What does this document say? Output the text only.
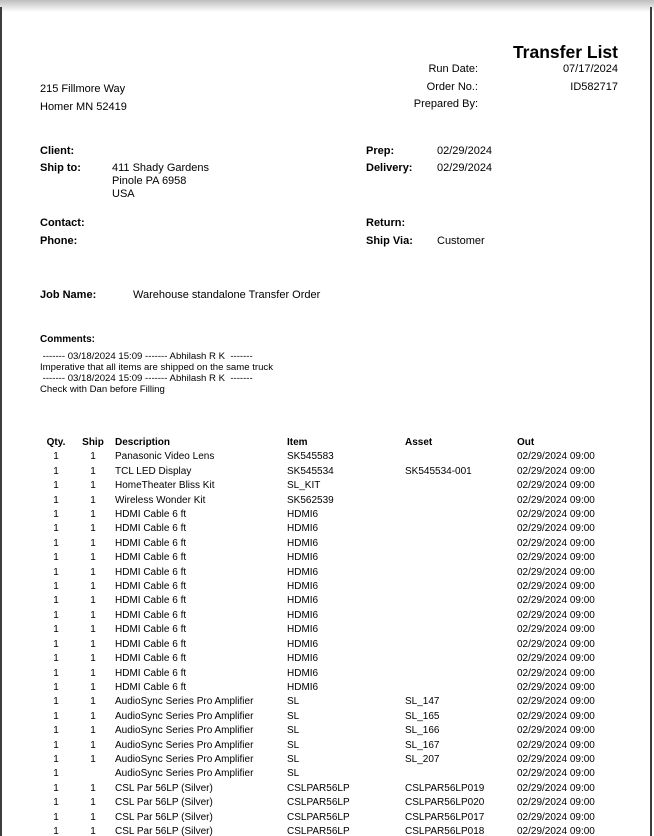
Transfer List
Run Date:	07/17/2024
Order No.:	ID582717
Prepared By:
215 Fillmore Way
Homer MN 52419
Client:	Prep:	02/29/2024
Ship to:	411 Shady Gardens
Pinole PA 6958
USA
Delivery: 02/29/2024
Contact:	Return:
Phone:	Ship Via: Customer
Job Name:	Warehouse standalone Transfer Order
Comments:
------- 03/18/2024 15:09 ------- Abhilash R K  -------
Imperative that all items are shipped on the same truck
------- 03/18/2024 15:09 ------- Abhilash R K  -------
Check with Dan before Filling
Qty.	Ship	Description	Item	Asset	Out
1	1	Panasonic Video Lens	SK545583		02/29/2024 09:00
1	1	TCL LED Display	SK545534	SK545534-001	02/29/2024 09:00
1	1	HomeTheater Bliss Kit	SL_KIT		02/29/2024 09:00
1	1	Wireless Wonder Kit	SK562539		02/29/2024 09:00
1	1	HDMI Cable 6 ft	HDMI6		02/29/2024 09:00
1	1	HDMI Cable 6 ft	HDMI6		02/29/2024 09:00
1	1	HDMI Cable 6 ft	HDMI6		02/29/2024 09:00
1	1	HDMI Cable 6 ft	HDMI6		02/29/2024 09:00
1	1	HDMI Cable 6 ft	HDMI6		02/29/2024 09:00
1	1	HDMI Cable 6 ft	HDMI6		02/29/2024 09:00
1	1	HDMI Cable 6 ft	HDMI6		02/29/2024 09:00
1	1	HDMI Cable 6 ft	HDMI6		02/29/2024 09:00
1	1	HDMI Cable 6 ft	HDMI6		02/29/2024 09:00
1	1	HDMI Cable 6 ft	HDMI6		02/29/2024 09:00
1	1	HDMI Cable 6 ft	HDMI6		02/29/2024 09:00
1	1	HDMI Cable 6 ft	HDMI6		02/29/2024 09:00
1	1	HDMI Cable 6 ft	HDMI6		02/29/2024 09:00
1	1	AudioSync Series Pro Amplifier	SL	SL_147	02/29/2024 09:00
1	1	AudioSync Series Pro Amplifier	SL	SL_165	02/29/2024 09:00
1	1	AudioSync Series Pro Amplifier	SL	SL_166	02/29/2024 09:00
1	1	AudioSync Series Pro Amplifier	SL	SL_167	02/29/2024 09:00
1	1	AudioSync Series Pro Amplifier	SL	SL_207	02/29/2024 09:00
1		AudioSync Series Pro Amplifier	SL		02/29/2024 09:00
1	1	CSL Par 56LP (Silver)	CSLPAR56LP	CSLPAR56LP019	02/29/2024 09:00
1	1	CSL Par 56LP (Silver)	CSLPAR56LP	CSLPAR56LP020	02/29/2024 09:00
1	1	CSL Par 56LP (Silver)	CSLPAR56LP	CSLPAR56LP017	02/29/2024 09:00
1	1	CSL Par 56LP (Silver)	CSLPAR56LP	CSLPAR56LP018	02/29/2024 09:00
